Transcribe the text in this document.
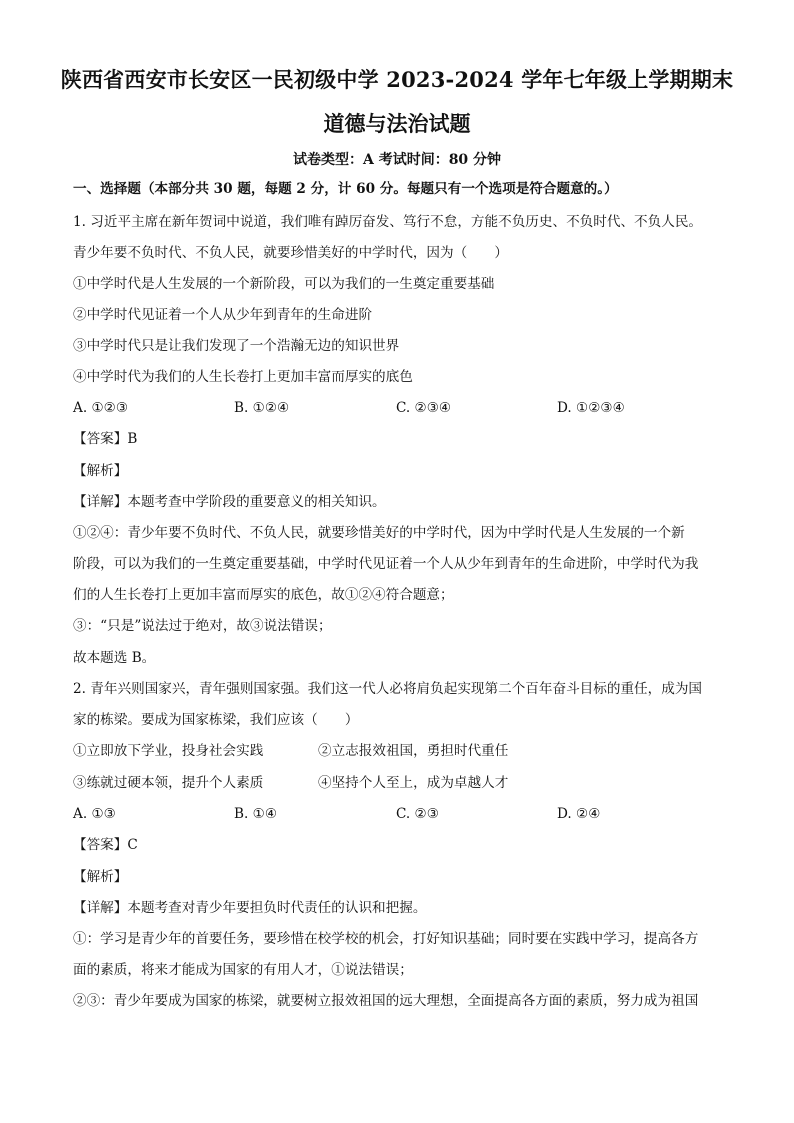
陕西省西安市长安区一民初级中学 2023-2024 学年七年级上学期期末
道德与法治试题
试卷类型：A 考试时间：80 分钟
一、选择题（本部分共 30 题，每题 2 分，计 60 分。每题只有一个选项是符合题意的。）
1. 习近平主席在新年贺词中说道，我们唯有踔厉奋发、笃行不怠，方能不负历史、不负时代、不负人民。
青少年要不负时代、不负人民，就要珍惜美好的中学时代，因为（　　）
①中学时代是人生发展的一个新阶段，可以为我们的一生奠定重要基础
②中学时代见证着一个人从少年到青年的生命进阶
③中学时代只是让我们发现了一个浩瀚无边的知识世界
④中学时代为我们的人生长卷打上更加丰富而厚实的底色
A. ①②③	B. ①②④	C. ②③④	D. ①②③④
【答案】B
【解析】
【详解】本题考查中学阶段的重要意义的相关知识。
①②④：青少年要不负时代、不负人民，就要珍惜美好的中学时代，因为中学时代是人生发展的一个新
阶段，可以为我们的一生奠定重要基础，中学时代见证着一个人从少年到青年的生命进阶，中学时代为我
们的人生长卷打上更加丰富而厚实的底色，故①②④符合题意；
③：“只是”说法过于绝对，故③说法错误；
故本题选 B。
2. 青年兴则国家兴，青年强则国家强。我们这一代人必将肩负起实现第二个百年奋斗目标的重任，成为国
家的栋梁。要成为国家栋梁，我们应该（　　）
①立即放下学业，投身社会实践	②立志报效祖国，勇担时代重任
③练就过硬本领，提升个人素质	④坚持个人至上，成为卓越人才
A. ①③	B. ①④	C. ②③	D. ②④
【答案】C
【解析】
【详解】本题考查对青少年要担负时代责任的认识和把握。
①：学习是青少年的首要任务，要珍惜在校学校的机会，打好知识基础；同时要在实践中学习，提高各方
面的素质，将来才能成为国家的有用人才，①说法错误；
②③：青少年要成为国家的栋梁，就要树立报效祖国的远大理想，全面提高各方面的素质，努力成为祖国
